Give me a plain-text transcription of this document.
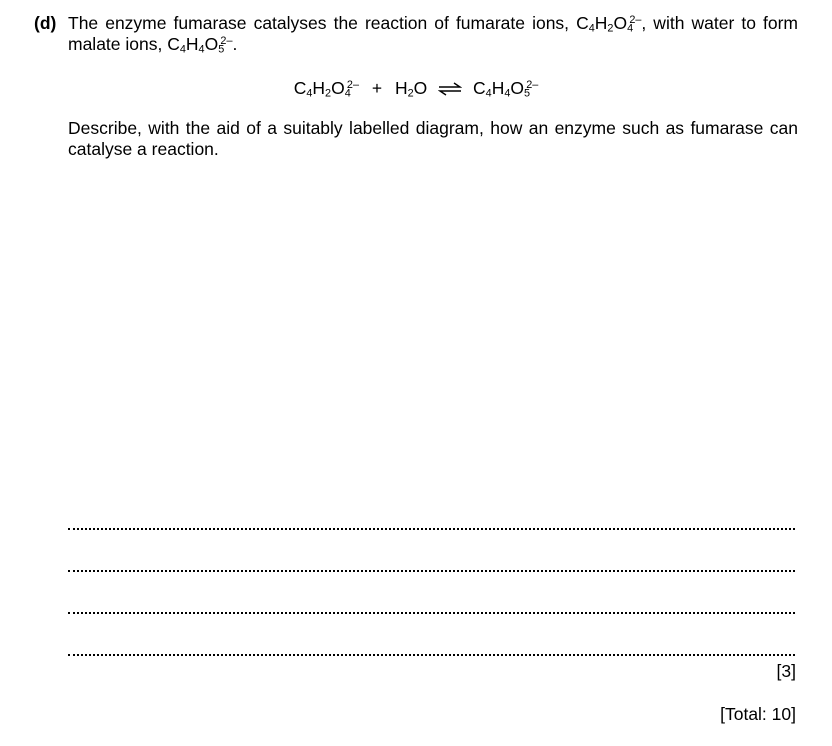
(d) The enzyme fumarase catalyses the reaction of fumarate ions, $C_4H_2O_4^{2-}$, with water to form malate ions, $C_4H_4O_5^{2-}$.
$C_4H_2O_4^{2-} + H_2O$ ⇌ $C_4H_4O_5^{2-}$
Describe, with the aid of a suitably labelled diagram, how an enzyme such as fumarase can catalyse a reaction.
[3]
[Total: 10]
